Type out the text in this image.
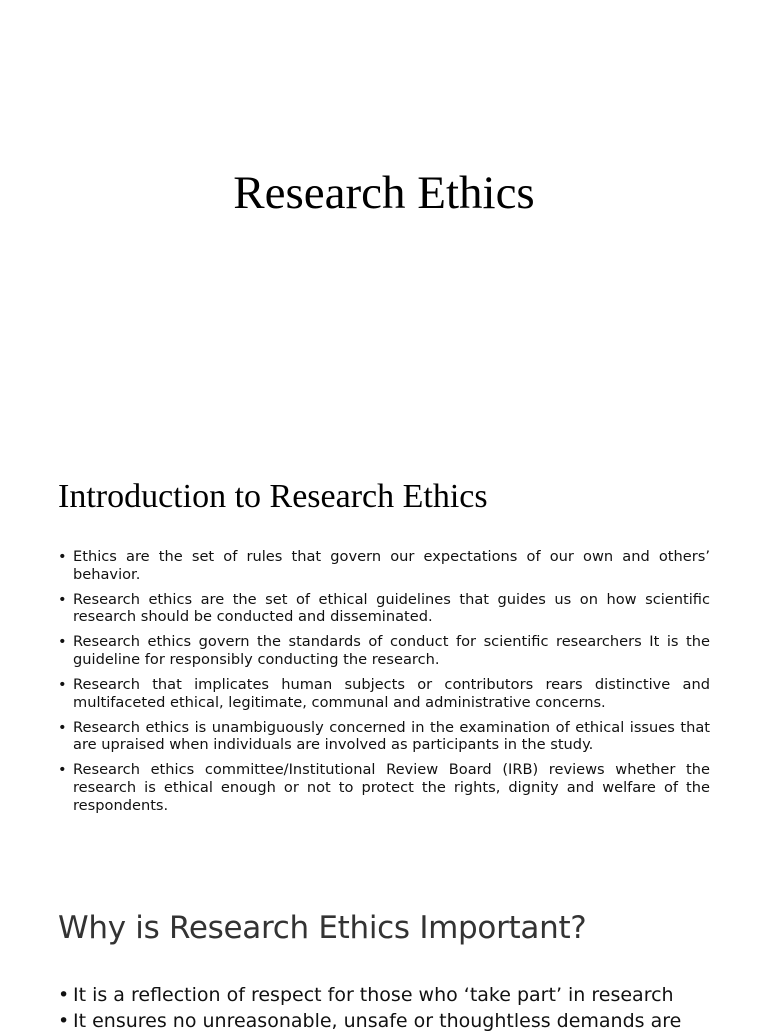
Research Ethics
Introduction to Research Ethics
• Ethics are the set of rules that govern our expectations of our own and others’ behavior.
• Research ethics are the set of ethical guidelines that guides us on how scientific research should be conducted and disseminated.
• Research ethics govern the standards of conduct for scientific researchers It is the guideline for responsibly conducting the research.
• Research that implicates human subjects or contributors rears distinctive and multifaceted ethical, legitimate, communal and administrative concerns.
• Research ethics is unambiguously concerned in the examination of ethical issues that are upraised when individuals are involved as participants in the study.
• Research ethics committee/Institutional Review Board (IRB) reviews whether the research is ethical enough or not to protect the rights, dignity and welfare of the respondents.
Why is Research Ethics Important?
• It is a reflection of respect for those who ‘take part’ in research
• It ensures no unreasonable, unsafe or thoughtless demands are
